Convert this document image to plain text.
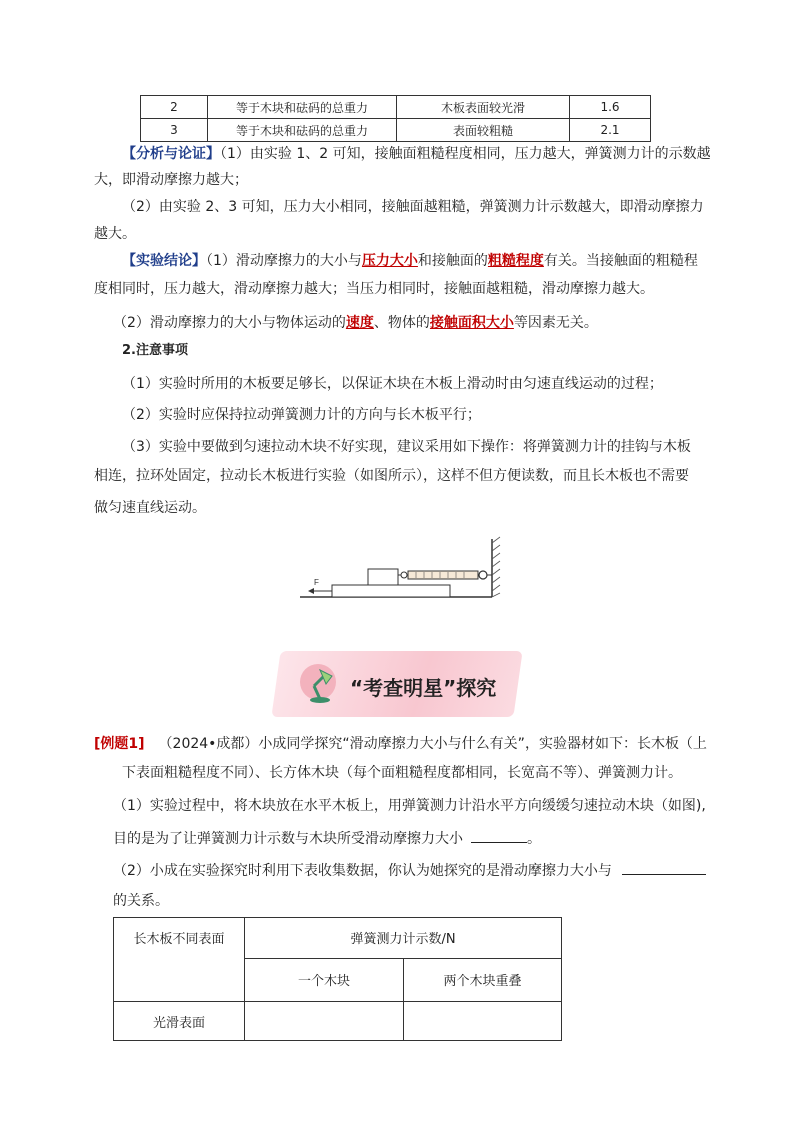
2	等于木块和砝码的总重力	木板表面较光滑	1.6
3	等于木块和砝码的总重力	表面较粗糙	2.1
【分析与论证】（1）由实验 1、2 可知，接触面粗糙程度相同，压力越大，弹簧测力计的示数越
大，即滑动摩擦力越大；
（2）由实验 2、3 可知，压力大小相同，接触面越粗糙，弹簧测力计示数越大，即滑动摩擦力
越大。
【实验结论】（1）滑动摩擦力的大小与压力大小和接触面的粗糙程度有关。当接触面的粗糙程
度相同时，压力越大，滑动摩擦力越大；当压力相同时，接触面越粗糙，滑动摩擦力越大。
（2）滑动摩擦力的大小与物体运动的速度、物体的接触面积大小等因素无关。
2.注意事项
（1）实验时所用的木板要足够长，以保证木块在木板上滑动时由匀速直线运动的过程；
（2）实验时应保持拉动弹簧测力计的方向与长木板平行；
（3）实验中要做到匀速拉动木块不好实现，建议采用如下操作：将弹簧测力计的挂钩与木板
相连，拉环处固定，拉动长木板进行实验（如图所示），这样不但方便读数，而且长木板也不需要
做匀速直线运动。
F
“考查明星”探究
[例题1] （2024•成都）小成同学探究“滑动摩擦力大小与什么有关”，实验器材如下：长木板（上
下表面粗糙程度不同）、长方体木块（每个面粗糙程度都相同，长宽高不等）、弹簧测力计。
（1）实验过程中，将木块放在水平木板上，用弹簧测力计沿水平方向缓缓匀速拉动木块（如图),
目的是为了让弹簧测力计示数与木块所受滑动摩擦力大小	。
（2）小成在实验探究时利用下表收集数据，你认为她探究的是滑动摩擦力大小与
的关系。
长木板不同表面	弹簧测力计示数/N	
	一个木块	两个木块重叠
光滑表面		
